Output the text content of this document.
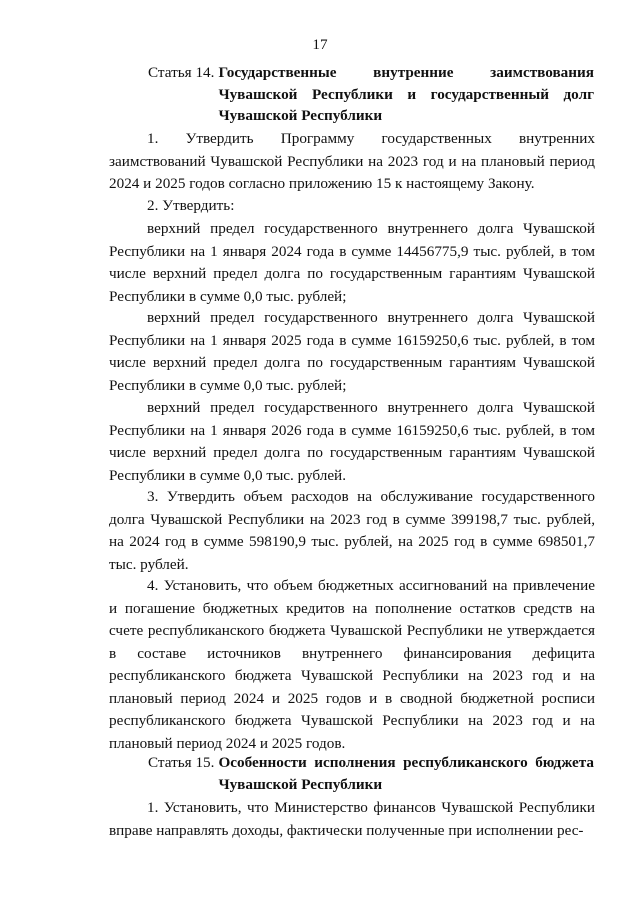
17
Статья 14. Государственные внутренние заимствования Чувашской Республики и государственный долг Чувашской Республики

1. Утвердить Программу государственных внутренних заимствований Чувашской Республики на 2023 год и на плановый период 2024 и 2025 годов согласно приложению 15 к настоящему Закону.

2. Утвердить:

верхний предел государственного внутреннего долга Чувашской Республики на 1 января 2024 года в сумме 14456775,9 тыс. рублей, в том числе верхний предел долга по государственным гарантиям Чувашской Республики в сумме 0,0 тыс. рублей;

верхний предел государственного внутреннего долга Чувашской Республики на 1 января 2025 года в сумме 16159250,6 тыс. рублей, в том числе верхний предел долга по государственным гарантиям Чувашской Республики в сумме 0,0 тыс. рублей;

верхний предел государственного внутреннего долга Чувашской Республики на 1 января 2026 года в сумме 16159250,6 тыс. рублей, в том числе верхний предел долга по государственным гарантиям Чувашской Республики в сумме 0,0 тыс. рублей.

3. Утвердить объем расходов на обслуживание государственного долга Чувашской Республики на 2023 год в сумме 399198,7 тыс. рублей, на 2024 год в сумме 598190,9 тыс. рублей, на 2025 год в сумме 698501,7 тыс. рублей.

4. Установить, что объем бюджетных ассигнований на привлечение и погашение бюджетных кредитов на пополнение остатков средств на счете республиканского бюджета Чувашской Республики не утверждается в составе источников внутреннего финансирования дефицита республиканского бюджета Чувашской Республики на 2023 год и на плановый период 2024 и 2025 годов и в сводной бюджетной росписи республиканского бюджета Чувашской Республики на 2023 год и на плановый период 2024 и 2025 годов.

Статья 15. Особенности исполнения республиканского бюджета Чувашской Республики

1. Установить, что Министерство финансов Чувашской Республики вправе направлять доходы, фактически полученные при исполнении рес-
